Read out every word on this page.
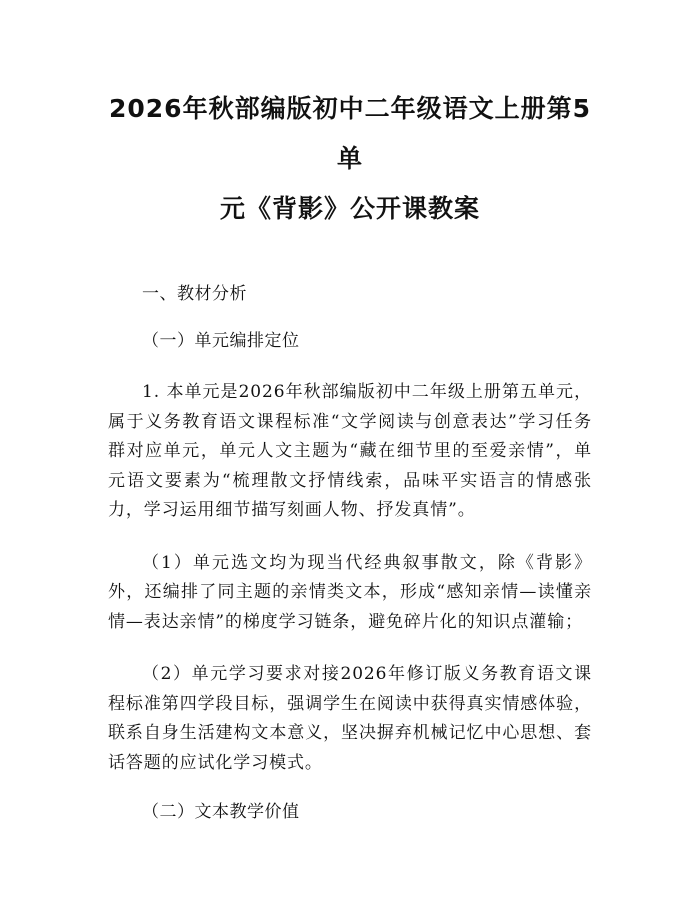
2026年秋部编版初中二年级语文上册第5单
元《背影》公开课教案

一、教材分析

（一）单元编排定位

1. 本单元是2026年秋部编版初中二年级上册第五单元，属于义务教育语文课程标准“文学阅读与创意表达”学习任务群对应单元，单元人文主题为“藏在细节里的至爱亲情”，单元语文要素为“梳理散文抒情线索，品味平实语言的情感张力，学习运用细节描写刻画人物、抒发真情”。

（1）单元选文均为现当代经典叙事散文，除《背影》外，还编排了同主题的亲情类文本，形成“感知亲情—读懂亲情—表达亲情”的梯度学习链条，避免碎片化的知识点灌输；

（2）单元学习要求对接2026年修订版义务教育语文课程标准第四学段目标，强调学生在阅读中获得真实情感体验，联系自身生活建构文本意义，坚决摒弃机械记忆中心思想、套话答题的应试化学习模式。

（二）文本教学价值
